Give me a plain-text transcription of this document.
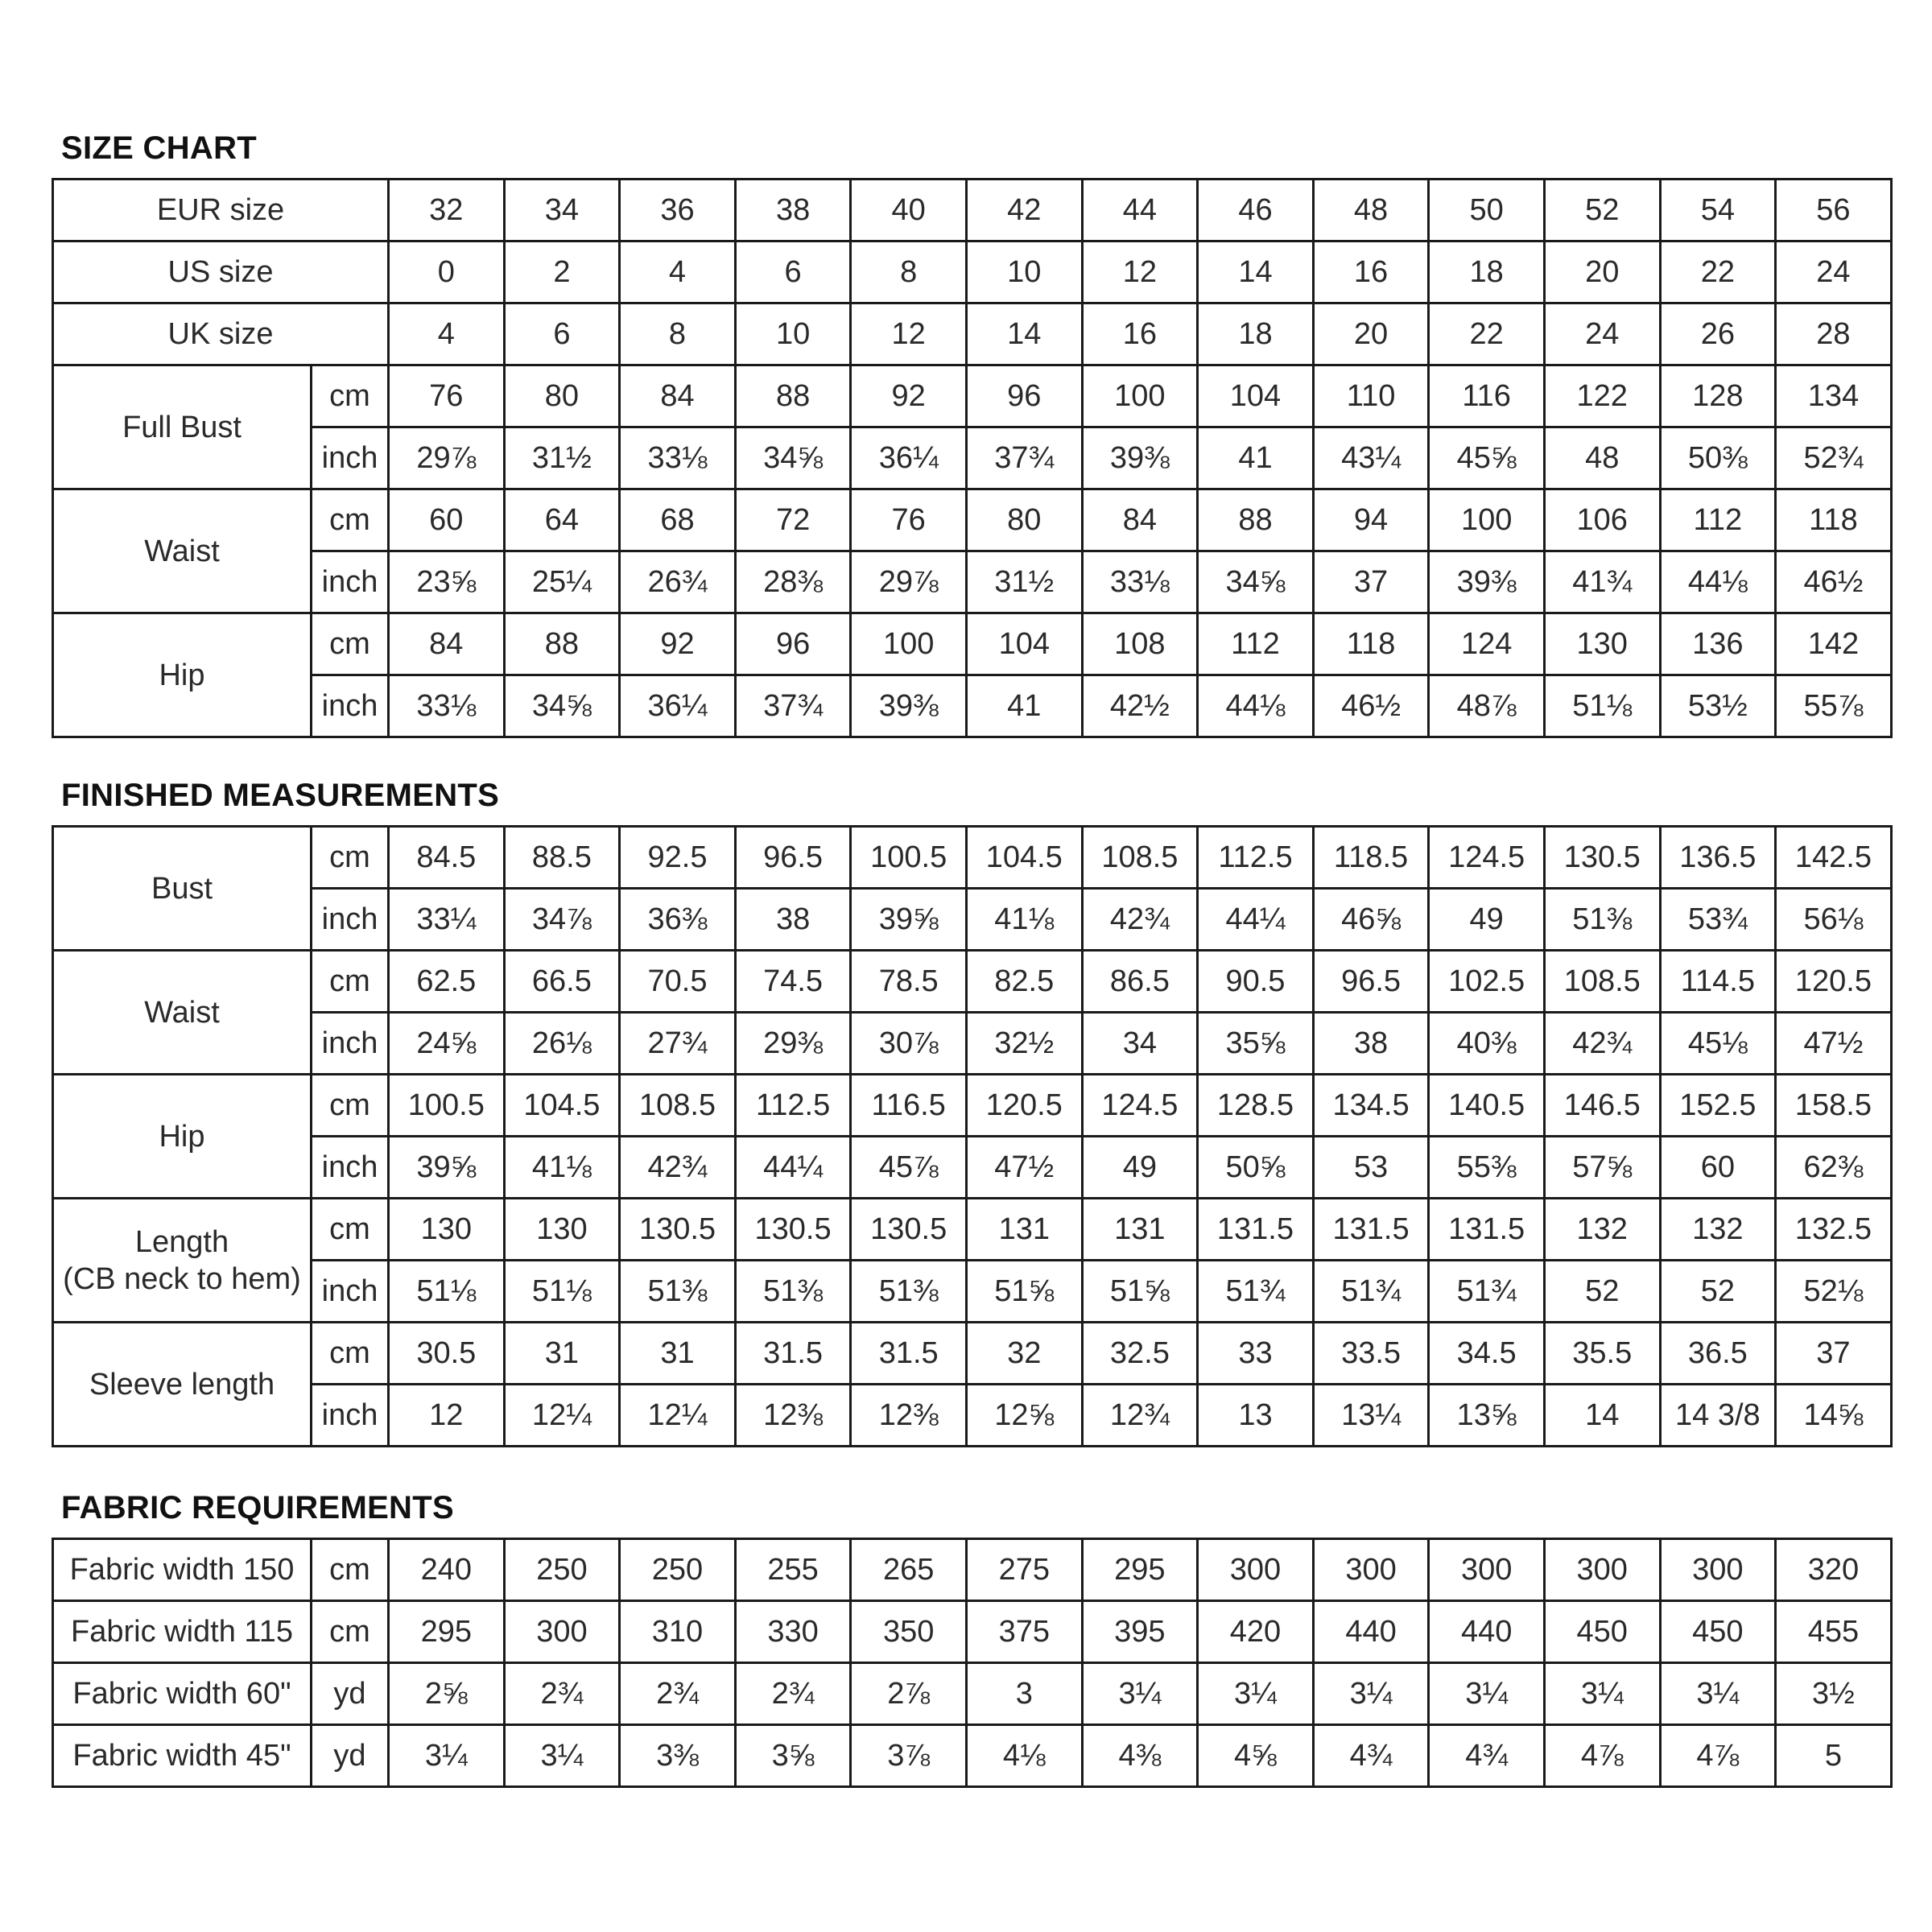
SIZE CHART
EUR size		32	34	36	38	40	42	44	46	48	50	52	54	56
US size		0	2	4	6	8	10	12	14	16	18	20	22	24
UK size		4	6	8	10	12	14	16	18	20	22	24	26	28
Full Bust	cm	76	80	84	88	92	96	100	104	110	116	122	128	134
	inch	29⅞	31½	33⅛	34⅝	36¼	37¾	39⅜	41	43¼	45⅝	48	50⅜	52¾
Waist	cm	60	64	68	72	76	80	84	88	94	100	106	112	118
	inch	23⅝	25¼	26¾	28⅜	29⅞	31½	33⅛	34⅝	37	39⅜	41¾	44⅛	46½
Hip	cm	84	88	92	96	100	104	108	112	118	124	130	136	142
	inch	33⅛	34⅝	36¼	37¾	39⅜	41	42½	44⅛	46½	48⅞	51⅛	53½	55⅞
FINISHED MEASUREMENTS
Bust	cm	84.5	88.5	92.5	96.5	100.5	104.5	108.5	112.5	118.5	124.5	130.5	136.5	142.5
	inch	33¼	34⅞	36⅜	38	39⅝	41⅛	42¾	44¼	46⅝	49	51⅜	53¾	56⅛

Waist	cm	62.5	66.5	70.5	74.5	78.5	82.5	86.5	90.5	96.5	102.5	108.5	114.5	120.5
	inch	24⅝	26⅛	27¾	29⅜	30⅞	32½	34	35⅝	38	40⅜	42¾	45⅛	47½

Hip	cm	100.5	104.5	108.5	112.5	116.5	120.5	124.5	128.5	134.5	140.5	146.5	152.5	158.5
	inch	39⅝	41⅛	42¾	44¼	45⅞	47½	49	50⅝	53	55⅜	57⅝	60	62⅜

Length
(CB neck to hem)	cm	130	130	130.5	130.5	130.5	131	131	131.5	131.5	131.5	132	132	132.5
	inch	51⅛	51⅛	51⅜	51⅜	51⅜	51⅝	51⅝	51¾	51¾	51¾	52	52	52⅛

Sleeve length	cm	30.5	31	31	31.5	31.5	32	32.5	33	33.5	34.5	35.5	36.5	37
	inch	12	12¼	12¼	12⅜	12⅜	12⅝	12¾	13	13¼	13⅝	14	14 3/8	14⅝
FABRIC REQUIREMENTS
Fabric width 150	cm	240	250	250	255	265	275	295	300	300	300	300	300	320
Fabric width 115	cm	295	300	310	330	350	375	395	420	440	440	450	450	455
Fabric width 60"	yd	2⅝	2¾	2¾	2¾	2⅞	3	3¼	3¼	3¼	3¼	3¼	3¼	3½
Fabric width 45"	yd	3¼	3¼	3⅜	3⅝	3⅞	4⅛	4⅜	4⅝	4¾	4¾	4⅞	4⅞	5
